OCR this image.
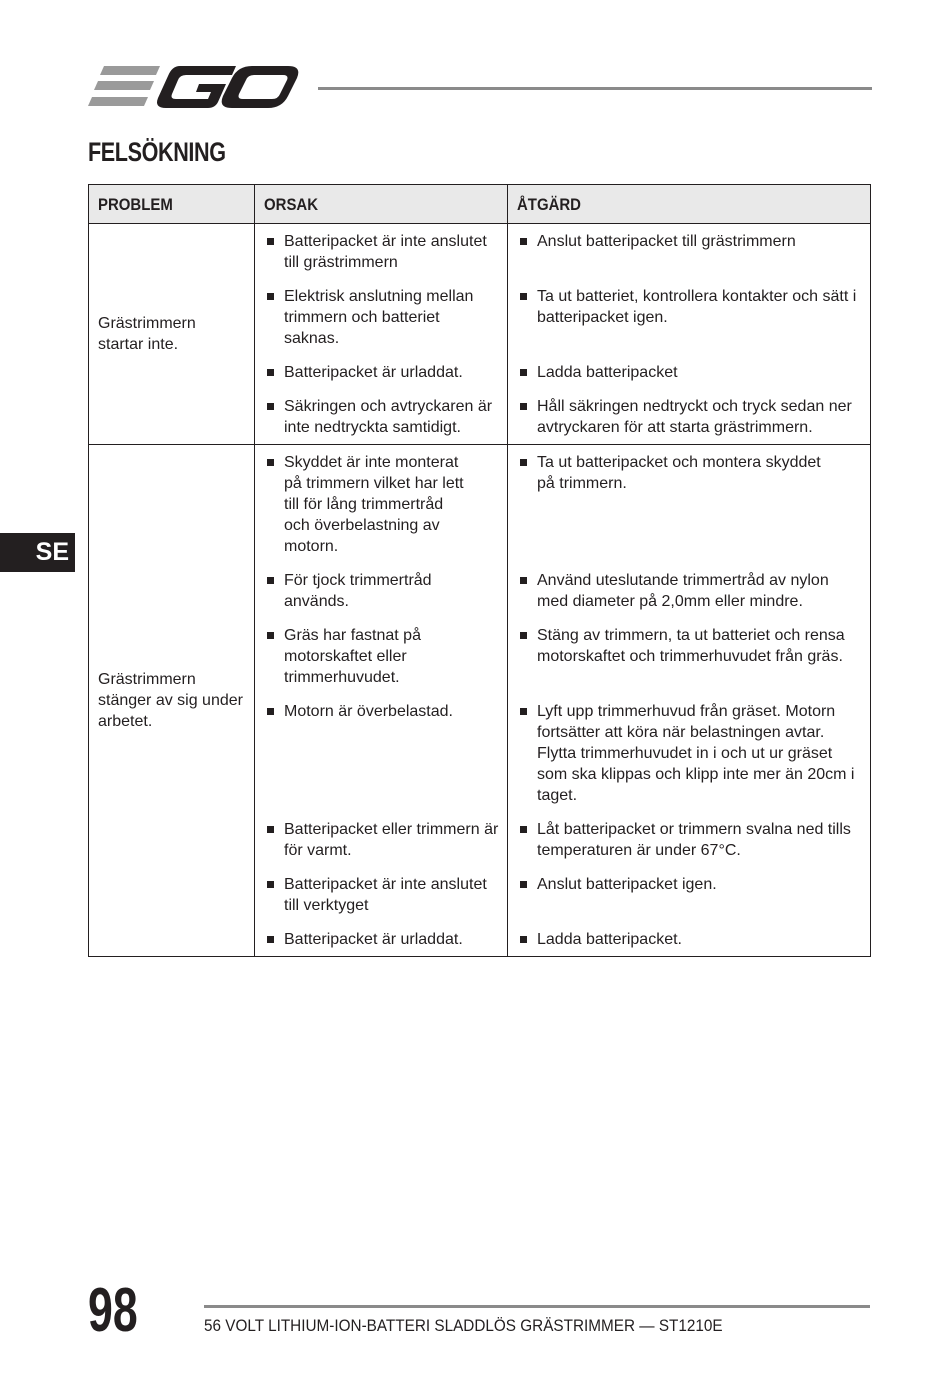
FELSÖKNING
SE
PROBLEM	ORSAK	ÅTGÄRD
Grästrimmern startar inte.	Batteripacket är inte anslutet till grästrimmern	Anslut batteripacket till grästrimmern

	Elektrisk anslutning mellan trimmern och batteriet saknas.	Ta ut batteriet, kontrollera kontakter och sätt i batteripacket igen.

	Batteripacket är urladdat.	Ladda batteripacket

	Säkringen och avtryckaren är inte nedtryckta samtidigt.	Håll säkringen nedtryckt och tryck sedan ner avtryckaren för att starta grästrimmern.

Grästrimmern stänger av sig under arbetet.	Skyddet är inte monterat på trimmern vilket har lett till för lång trimmertråd och överbelastning av motorn.	Ta ut batteripacket och montera skyddet på trimmern.

	För tjock trimmertråd används.	Använd uteslutande trimmertråd av nylon med diameter på 2,0mm eller mindre.

	Gräs har fastnat på motorskaftet eller trimmerhuvudet.	Stäng av trimmern, ta ut batteriet och rensa motorskaftet och trimmerhuvudet från gräs.

	Motorn är överbelastad.	Lyft upp trimmerhuvud från gräset. Motorn fortsätter att köra när belastningen avtar. Flytta trimmerhuvudet in i och ut ur gräset som ska klippas och klipp inte mer än 20cm i taget.

	Batteripacket eller trimmern är för varmt.	Låt batteripacket or trimmern svalna ned tills temperaturen är under 67°C.

	Batteripacket är inte anslutet till verktyget	Anslut batteripacket igen.

	Batteripacket är urladdat.	Ladda batteripacket.
98	56 VOLT LITHIUM-ION-BATTERI SLADDLÖS GRÄSTRIMMER — ST1210E
